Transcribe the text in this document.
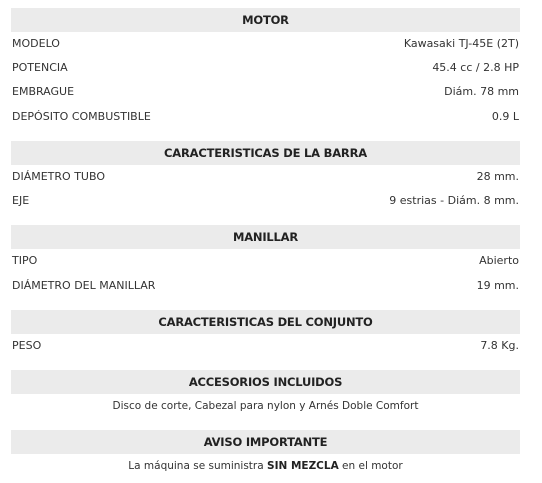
MOTOR
MODELO	Kawasaki TJ-45E (2T)
POTENCIA	45.4 cc / 2.8 HP
EMBRAGUE	Diám. 78 mm
DEPÓSITO COMBUSTIBLE	0.9 L
CARACTERISTICAS DE LA BARRA
DIÁMETRO TUBO	28 mm.
EJE	9 estrias - Diám. 8 mm.
MANILLAR
TIPO	Abierto
DIÁMETRO DEL MANILLAR	19 mm.
CARACTERISTICAS DEL CONJUNTO
PESO	7.8 Kg.
ACCESORIOS INCLUIDOS
Disco de corte, Cabezal para nylon y Arnés Doble Comfort
AVISO IMPORTANTE
La máquina se suministra SIN MEZCLA en el motor
